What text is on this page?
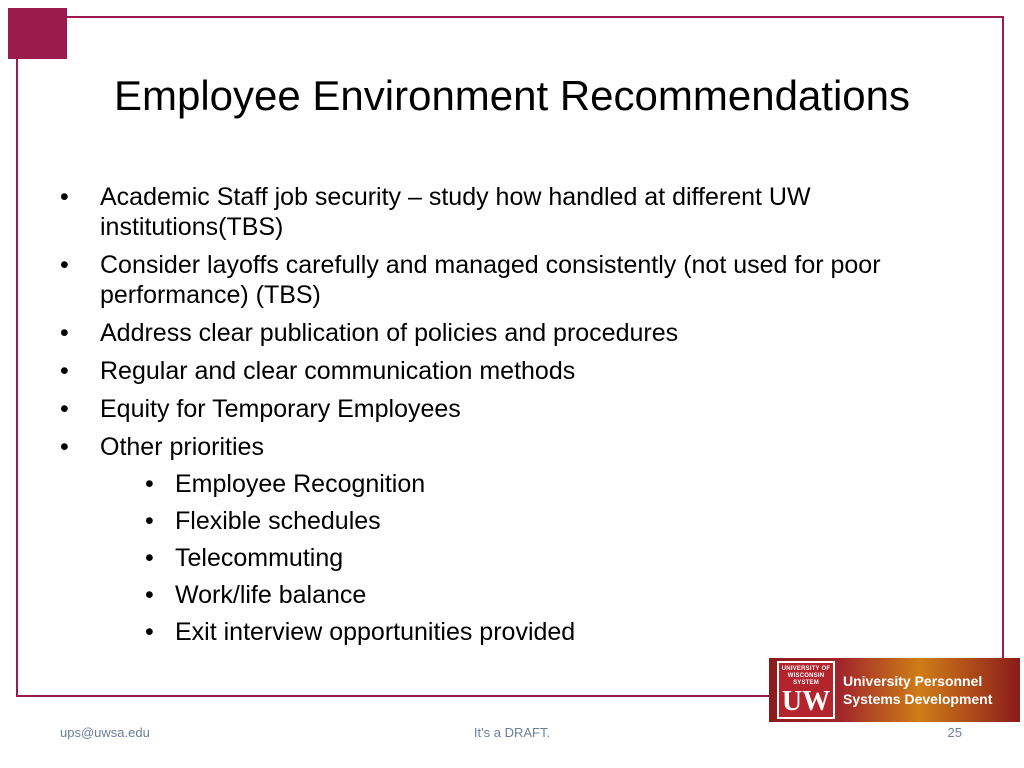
Employee Environment Recommendations
• Academic Staff job security – study how handled at different UW institutions(TBS)
• Consider layoffs carefully and managed consistently (not used for poor performance) (TBS)
• Address clear publication of policies and procedures
• Regular and clear communication methods
• Equity for Temporary Employees
• Other priorities
• Employee Recognition
• Flexible schedules
• Telecommuting
• Work/life balance
• Exit interview opportunities provided
UNIVERSITY OF WISCONSIN SYSTEM
UW
University Personnel
Systems Development
ups@uwsa.edu	It's a DRAFT.	25
